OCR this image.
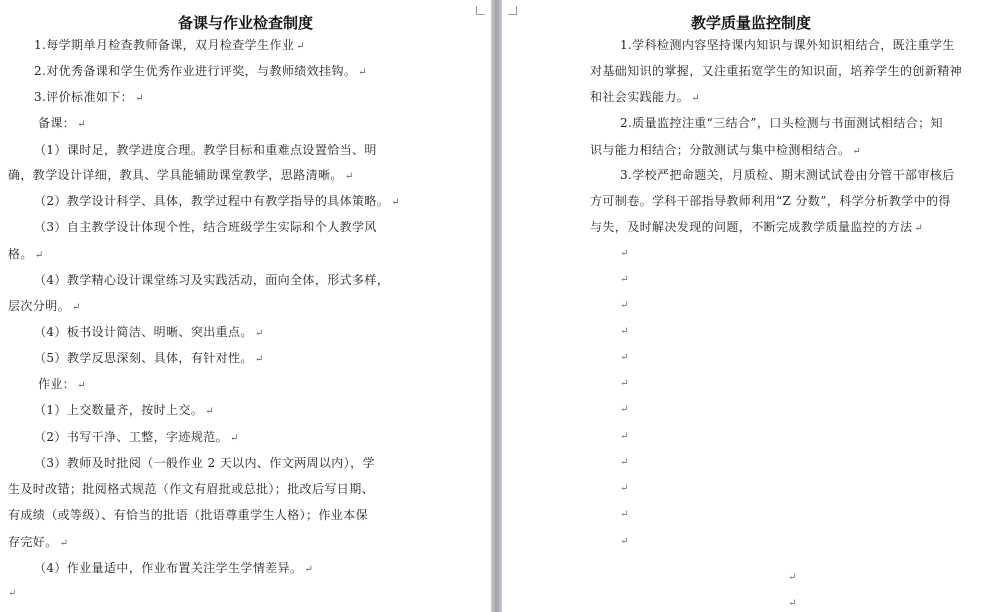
备课与作业检查制度
1.每学期单月检查教师备课，双月检查学生作业 ↵
2.对优秀备课和学生优秀作业进行评奖，与教师绩效挂钩。 ↵
3.评价标准如下： ↵
备课： ↵
（1）课时足，教学进度合理。教学目标和重难点设置恰当、明
确，教学设计详细，教具、学具能辅助课堂教学，思路清晰。 ↵
（2）教学设计科学、具体，教学过程中有教学指导的具体策略。 ↵
（3）自主教学设计体现个性，结合班级学生实际和个人教学风
格。 ↵
（4）教学精心设计课堂练习及实践活动，面向全体，形式多样，
层次分明。 ↵
（4）板书设计简洁、明晰、突出重点。 ↵
（5）教学反思深刻、具体，有针对性。 ↵
作业： ↵
（1）上交数量齐，按时上交。 ↵
（2）书写干净、工整，字迹规范。 ↵
（3）教师及时批阅（一般作业 2 天以内、作文两周以内），学
生及时改错；批阅格式规范（作文有眉批或总批）；批改后写日期、
有成绩（或等级）、有恰当的批语（批语尊重学生人格）；作业本保
存完好。 ↵
（4）作业量适中，作业布置关注学生学情差异。 ↵
↵
教学质量监控制度
1.学科检测内容坚持课内知识与课外知识相结合，既注重学生
对基础知识的掌握，又注重拓宽学生的知识面，培养学生的创新精神
和社会实践能力。 ↵
2.质量监控注重“三结合”，口头检测与书面测试相结合；知
识与能力相结合；分散测试与集中检测相结合。 ↵
3.学校严把命题关，月质检、期末测试试卷由分管干部审核后
方可制卷。学科干部指导教师利用“Z 分数”，科学分析教学中的得
与失，及时解决发现的问题，不断完成教学质量监控的方法 ↵
↵
↵
↵
↵
↵
↵
↵
↵
↵
↵
↵
↵
↵
↵
